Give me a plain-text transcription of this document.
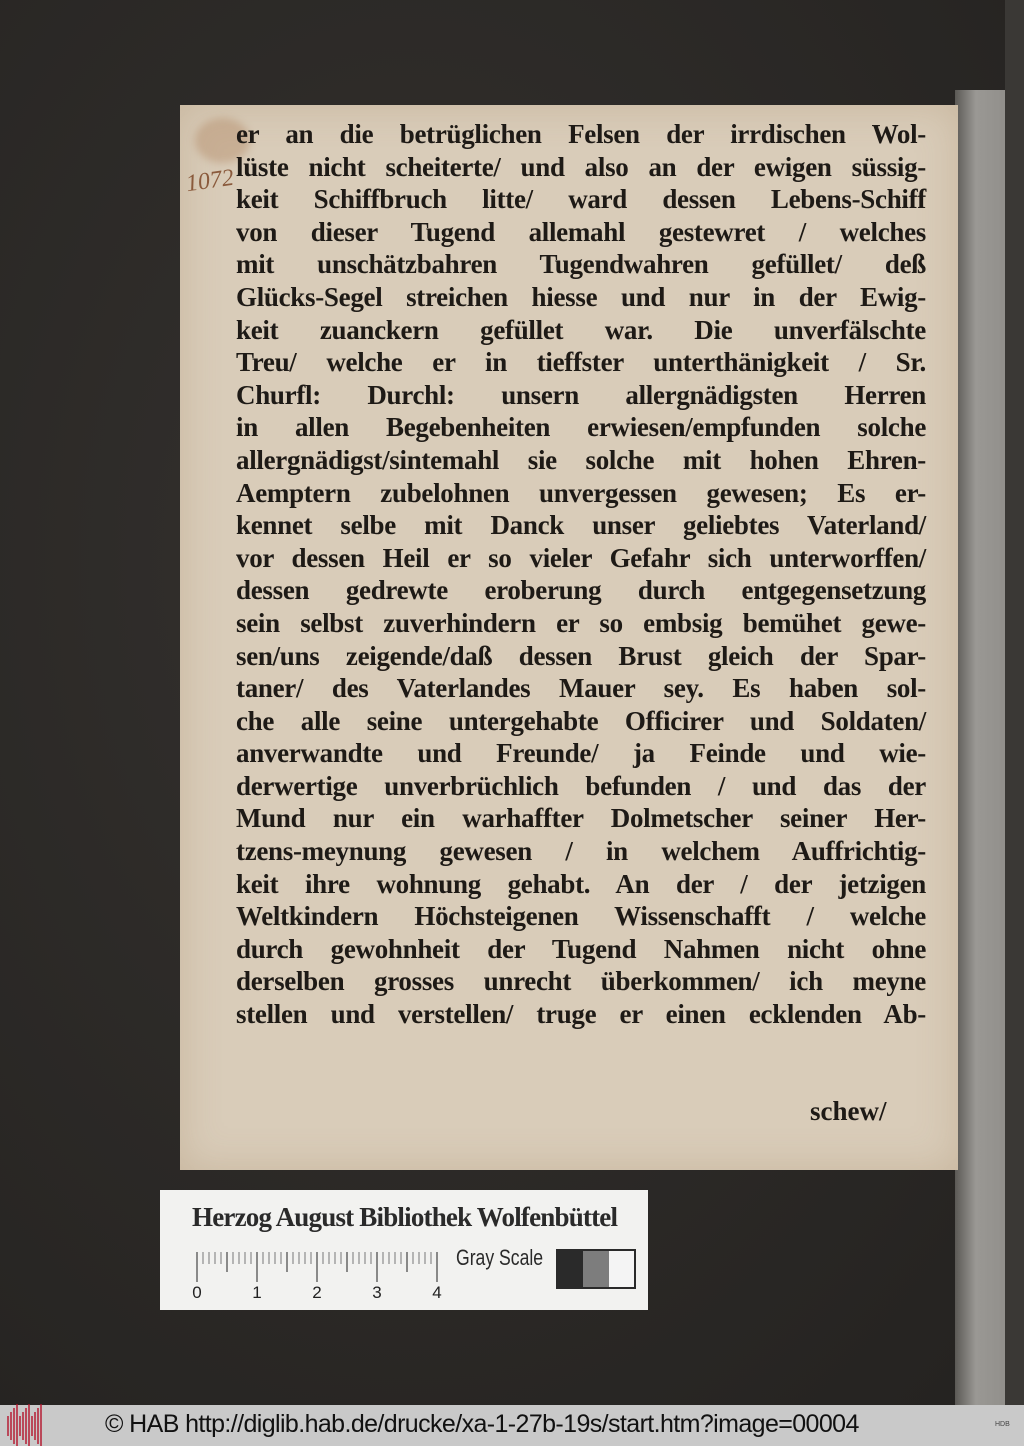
1072
er an die betrüglichen Felsen der irrdischen Wol-
lüste nicht scheiterte/ und also an der ewigen süssig-
keit Schiffbruch litte/ ward dessen Lebens-Schiff
von dieser Tugend allemahl gestewret / welches
mit unschätzbahren Tugendwahren gefüllet/ deß
Glücks-Segel streichen hiesse und nur in der Ewig-
keit zuanckern gefüllet war. Die unverfälschte
Treu/ welche er in tieffster unterthänigkeit / Sr.
Churfl: Durchl: unsern allergnädigsten Herren
in allen Begebenheiten erwiesen/empfunden solche
allergnädigst/sintemahl sie solche mit hohen Ehren-
Aemptern zubelohnen unvergessen gewesen; Es er-
kennet selbe mit Danck unser geliebtes Vaterland/
vor dessen Heil er so vieler Gefahr sich unterworffen/
dessen gedrewte eroberung durch entgegensetzung
sein selbst zuverhindern er so embsig bemühet gewe-
sen/uns zeigende/daß dessen Brust gleich der Spar-
taner/ des Vaterlandes Mauer sey. Es haben sol-
che alle seine untergehabte Officirer und Soldaten/
anverwandte und Freunde/ ja Feinde und wie-
derwertige unverbrüchlich befunden / und das der
Mund nur ein warhaffter Dolmetscher seiner Her-
tzens-meynung gewesen / in welchem Auffrichtig-
keit ihre wohnung gehabt. An der / der jetzigen
Weltkindern Höchsteigenen Wissenschafft / welche
durch gewohnheit der Tugend Nahmen nicht ohne
derselben grosses unrecht überkommen/ ich meyne
stellen und verstellen/ truge er einen ecklenden Ab-
schew/
Herzog August Bibliothek Wolfenbüttel
0	1	2	3	4
Gray Scale
© HAB http://diglib.hab.de/drucke/xa-1-27b-19s/start.htm?image=00004	HDB
